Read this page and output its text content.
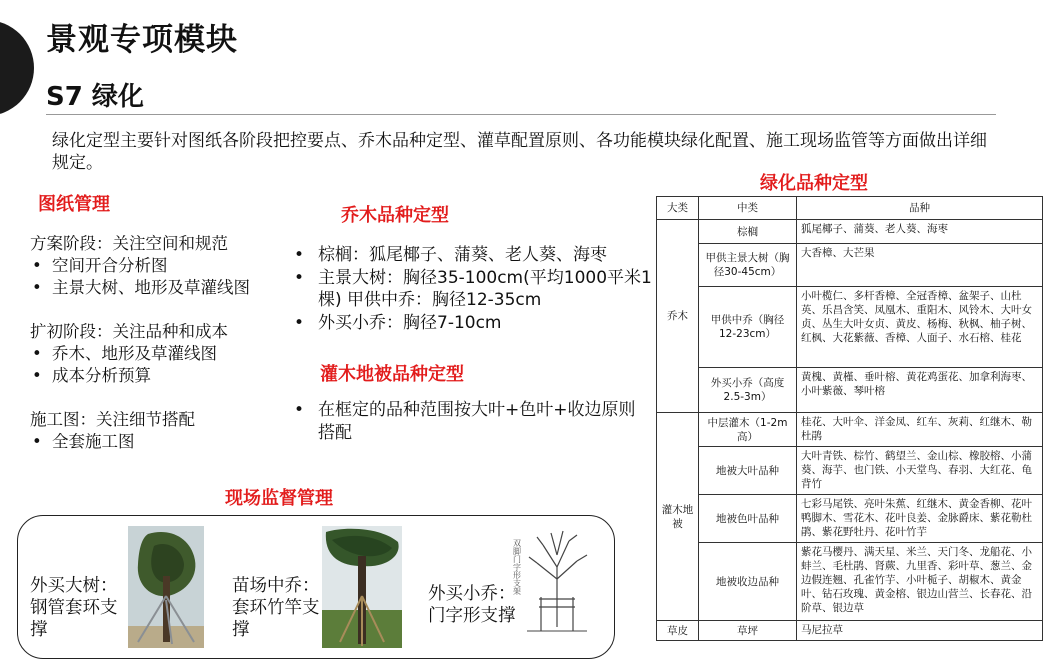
景观专项模块
S7 绿化
绿化定型主要针对图纸各阶段把控要点、乔木品种定型、灌草配置原则、各功能模块绿化配置、施工现场监管等方面做出详细规定。
图纸管理
方案阶段：关注空间和规范
• 空间开合分析图
• 主景大树、地形及草灌线图
扩初阶段：关注品种和成本
• 乔木、地形及草灌线图
• 成本分析预算
施工图：关注细节搭配
• 全套施工图
乔木品种定型
• 棕榈：狐尾椰子、蒲葵、老人葵、海枣
• 主景大树：胸径35-100cm(平均1000平米1棵) 甲供中乔：胸径12-35cm
• 外买小乔：胸径7-10cm
灌木地被品种定型
• 在框定的品种范围按大叶+色叶+收边原则搭配
现场监督管理
外买大树：钢管套环支撑
苗场中乔：套环竹竿支撑
外买小乔：门字形支撑
双脚门字形支架
绿化品种定型
大类	中类	品种
乔木	棕榈	狐尾椰子、蒲葵、老人葵、海枣
	甲供主景大树（胸径30-45cm）	大香樟、大芒果
	甲供中乔（胸径12-23cm）	小叶榄仁、多杆香樟、全冠香樟、盆架子、山杜英、乐昌含笑、凤凰木、重阳木、风铃木、大叶女贞、丛生大叶女贞、黄皮、杨梅、秋枫、柚子树、红枫、大花紫薇、香樟、人面子、水石榕、桂花
	外买小乔（高度2.5-3m）	黄槐、黄槿、垂叶榕、黄花鸡蛋花、加拿利海枣、小叶紫薇、琴叶榕
灌木地被	中层灌木（1-2m高）	桂花、大叶伞、洋金凤、红车、灰莉、红继木、勒杜鹃
	地被大叶品种	大叶青铁、棕竹、鹤望兰、金山棕、橡胶榕、小蒲葵、海芋、也门铁、小天堂鸟、春羽、大红花、龟背竹
	地被色叶品种	七彩马尾铁、亮叶朱蕉、红继木、黄金香柳、花叶鸭脚木、雪花木、花叶良姜、金脉爵床、紫花勒杜鹃、紫花野牡丹、花叶竹芋
	地被收边品种	紫花马樱丹、满天星、米兰、天门冬、龙船花、小蚌兰、毛杜鹃、肾蕨、九里香、彩叶草、葱兰、金边假连翘、孔雀竹芋、小叶栀子、胡椒木、黄金叶、钻石玫瑰、黄金榕、银边山营兰、长春花、沿阶草、银边草
草皮	草坪	马尼拉草
